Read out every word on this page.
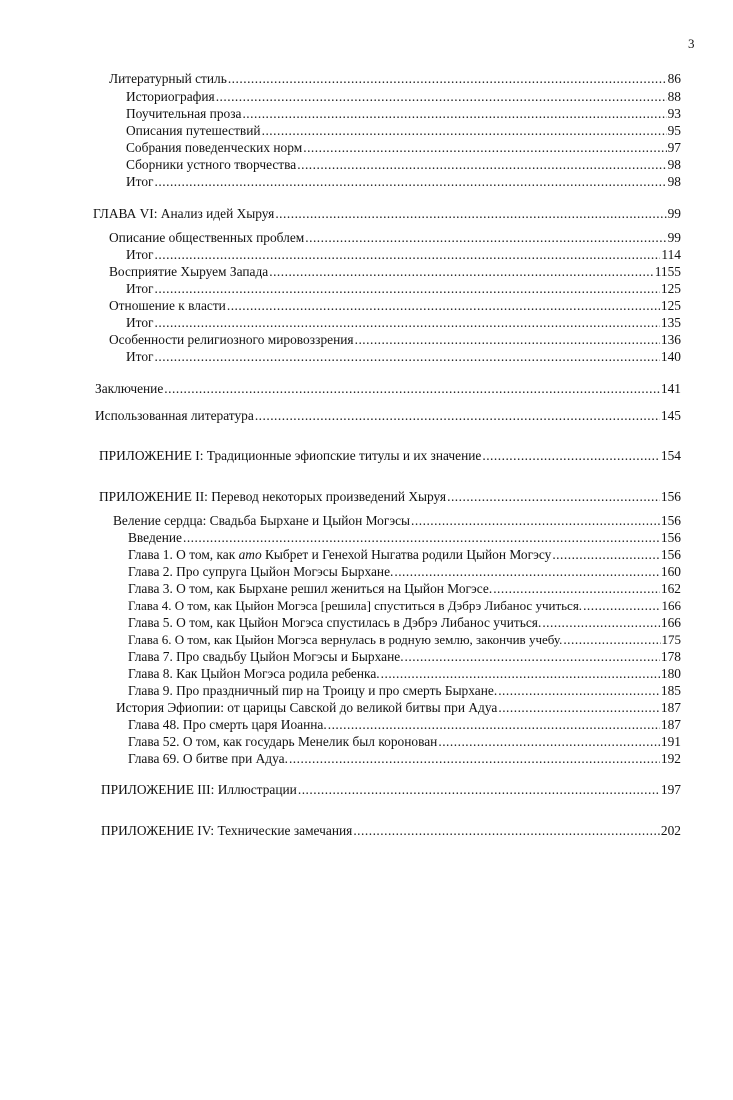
3
Литературный стиль .....	86
Историография .....	88
Поучительная проза .....	93
Описания путешествий .....	95
Собрания поведенческих норм .....	97
Сборники устного творчества .....	98
Итог .....	98
ГЛАВА VI: Анализ идей Хыруя .....	99
Описание общественных проблем .....	99
Итог .....	114
Восприятие Хыруем Запада .....	1155
Итог .....	125
Отношение к власти .....	125
Итог .....	135
Особенности религиозного мировоззрения .....	136
Итог .....	140
Заключение .....	141
Использованная литература .....	145
ПРИЛОЖЕНИЕ I: Традиционные эфиопские титулы и их значение .....	154
ПРИЛОЖЕНИЕ II: Перевод некоторых произведений Хыруя .....	156
Веление сердца: Свадьба Бырхане и Цыйон Могэсы .....	156
Введение .....	156
Глава 1. О том, как ато Кыбрет и Генехой Ныгатва родили Цыйон Могэсу .....	156
Глава 2. Про супруга Цыйон Могэсы Бырхане. .....	160
Глава 3. О том, как Бырхане решил жениться на Цыйон Могэсе. .....	162
Глава 4. О том, как Цыйон Могэса [решила] спуститься в Дэбрэ Либанос учиться. .....	166
Глава 5. О том, как Цыйон Могэса спустилась в Дэбрэ Либанос учиться. .....	166
Глава 6. О том, как Цыйон Могэса вернулась в родную землю, закончив учебу. .....	175
Глава 7. Про свадьбу Цыйон Могэсы и Бырхане. .....	178
Глава 8. Как Цыйон Могэса родила ребенка. .....	180
Глава 9. Про праздничный пир на Троицу и про смерть Бырхане. .....	185
История Эфиопии: от царицы Савской до великой битвы при Адуа .....	187
Глава 48. Про смерть царя Иоанна. .....	187
Глава 52. О том, как государь Менелик был коронован .....	191
Глава 69. О битве при Адуа. .....	192
ПРИЛОЖЕНИЕ III: Иллюстрации .....	197
ПРИЛОЖЕНИЕ IV: Технические замечания .....	202
